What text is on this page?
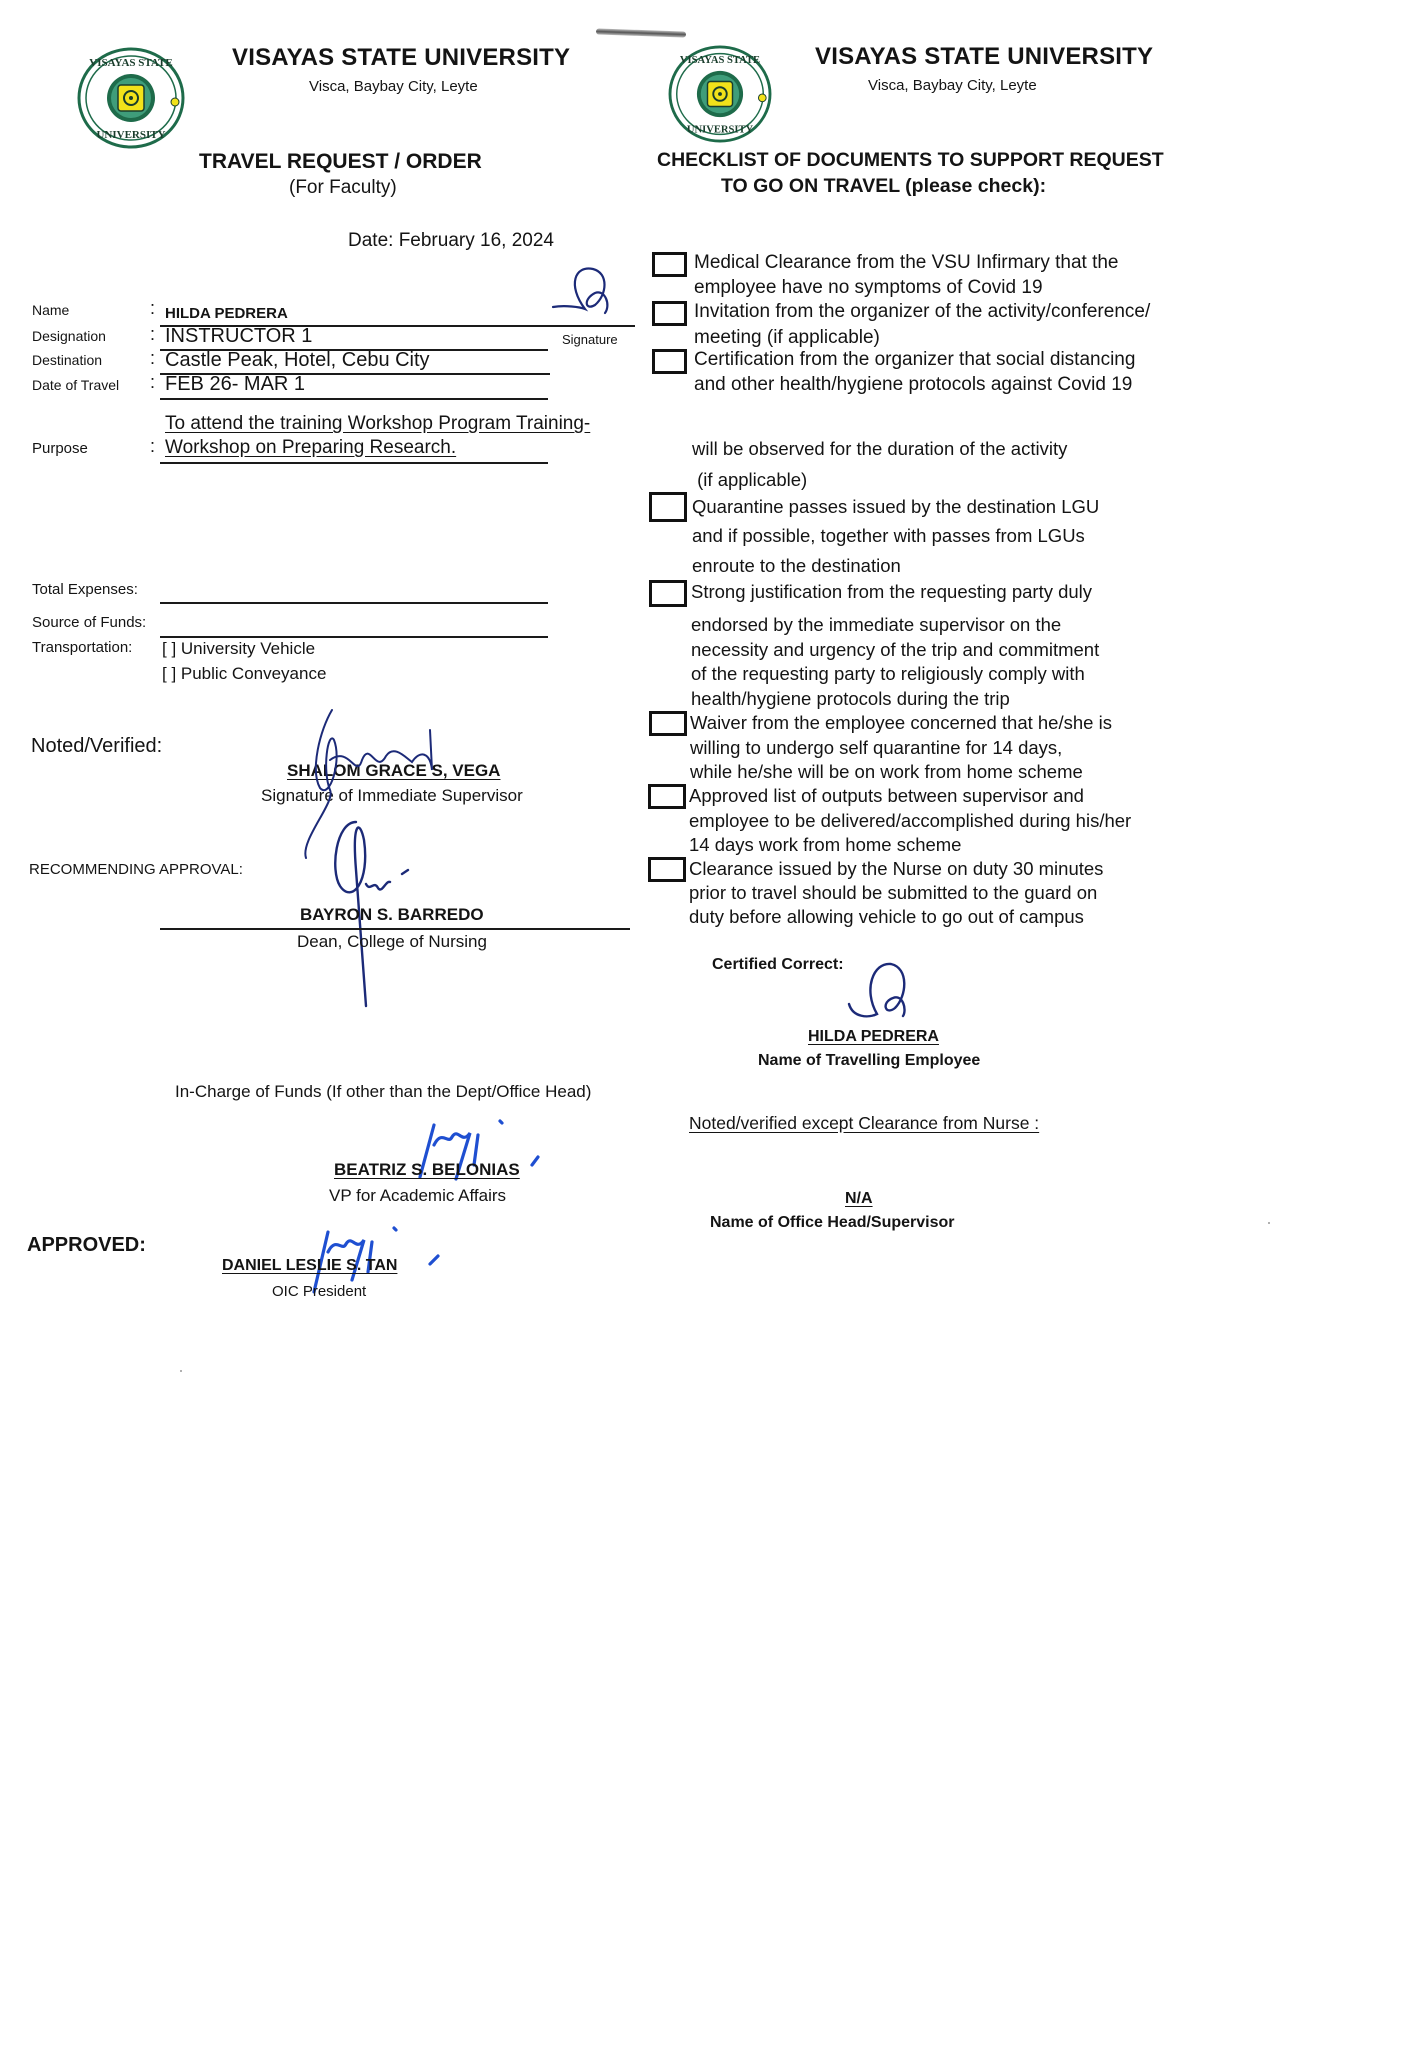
VISAYAS STATE
UNIVERSITY
VISAYAS STATE UNIVERSITY
Visca, Baybay City, Leyte
TRAVEL REQUEST / ORDER
(For Faculty)
Date: February 16, 2024
Name	: HILDA PEDRERA
Signature
Designation : INSTRUCTOR 1
Destination	: Castle Peak, Hotel, Cebu City
Date of Travel : FEB 26- MAR 1
To attend the training Workshop Program Training-
Purpose	: Workshop on Preparing Research.
Total Expenses:
Source of Funds:
Transportation: [ ] University Vehicle
[ ] Public Conveyance
Noted/Verified:
SHALOM GRACE S, VEGA
Signature of Immediate Supervisor
RECOMMENDING APPROVAL:
BAYRON S. BARREDO
Dean, College of Nursing
In-Charge of Funds (If other than the Dept/Office Head)
BEATRIZ S. BELONIAS
VP for Academic Affairs
APPROVED:
DANIEL LESLIE S. TAN
OIC President
VISAYAS STATE
UNIVERSITY
VISAYAS STATE UNIVERSITY
Visca, Baybay City, Leyte
CHECKLIST OF DOCUMENTS TO SUPPORT REQUEST
TO GO ON TRAVEL (please check):
Medical Clearance from the VSU Infirmary that the
employee have no symptoms of Covid 19
Invitation from the organizer of the activity/conference/
meeting (if applicable)
Certification from the organizer that social distancing
and other health/hygiene protocols against Covid 19
will be observed for the duration of the activity
(if applicable)
Quarantine passes issued by the destination LGU
and if possible, together with passes from LGUs
enroute to the destination
Strong justification from the requesting party duly
endorsed by the immediate supervisor on the
necessity and urgency of the trip and commitment
of the requesting party to religiously comply with
health/hygiene protocols during the trip
Waiver from the employee concerned that he/she is
willing to undergo self quarantine for 14 days,
while he/she will be on work from home scheme
Approved list of outputs between supervisor and
employee to be delivered/accomplished during his/her
14 days work from home scheme
Clearance issued by the Nurse on duty 30 minutes
prior to travel should be submitted to the guard on
duty before allowing vehicle to go out of campus
Certified Correct:
HILDA PEDRERA
Name of Travelling Employee
Noted/verified except Clearance from Nurse :
N/A
Name of Office Head/Supervisor
